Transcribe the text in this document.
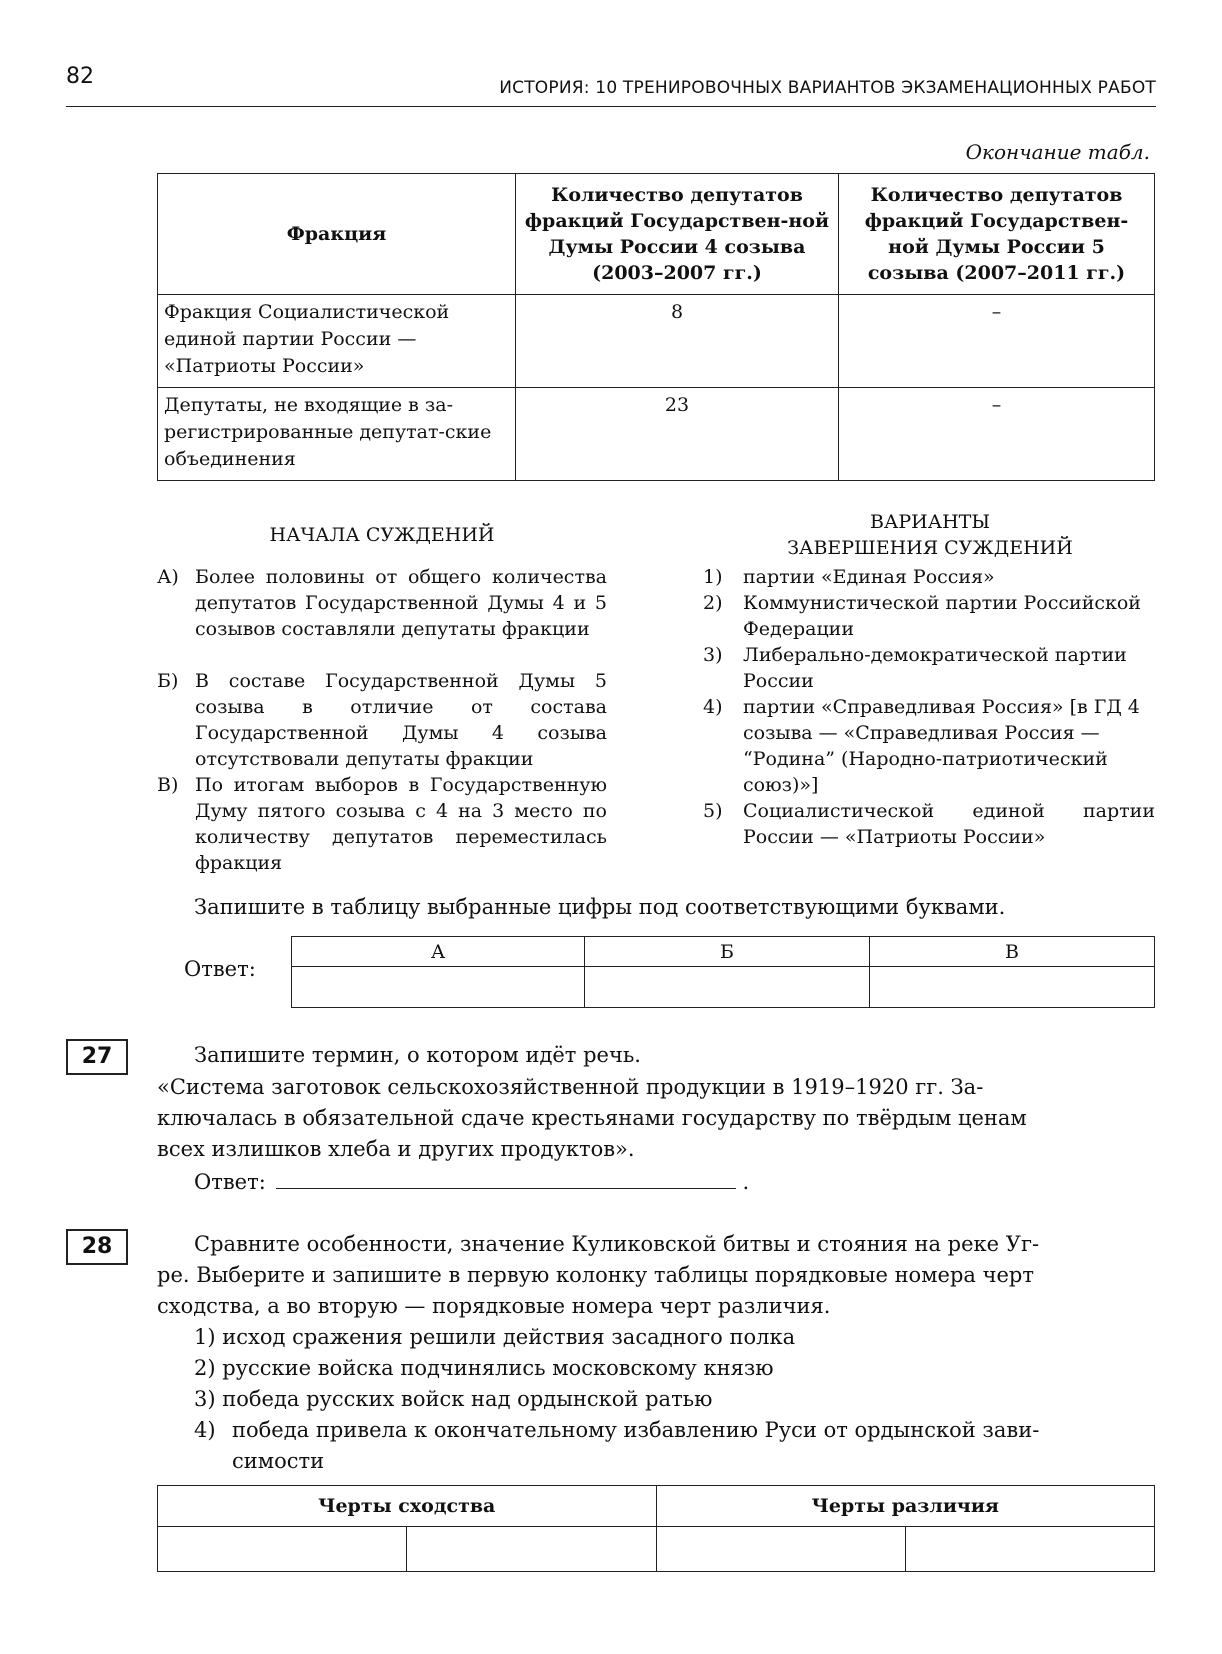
82	ИСТОРИЯ: 10 ТРЕНИРОВОЧНЫХ ВАРИАНТОВ ЭКЗАМЕНАЦИОННЫХ РАБОТ
Окончание табл.
Фракция	Количество депутатов фракций Государствен-ной Думы России 4 созыва (2003–2007 гг.)	Количество депутатов фракций Государствен-ной Думы России 5 созыва (2007–2011 гг.)
Фракция Социалистической единой партии России — «Патриоты России»	8	–
Депутаты, не входящие в за-регистрированные депутат-ские объединения	23	–
НАЧАЛА СУЖДЕНИЙ
ВАРИАНТЫ
ЗАВЕРШЕНИЯ СУЖДЕНИЙ
А) Более половины от общего количества депутатов Государственной Думы 4 и 5 созывов составляли депутаты фракции
Б) В составе Государственной Думы 5 созыва в отличие от состава Государственной Думы 4 созыва отсутствовали депутаты фракции
В) По итогам выборов в Государственную Думу пятого созыва с 4 на 3 место по количеству депутатов переместилась фракция
1) партии «Единая Россия»
2) Коммунистической партии Российской Федерации
3) Либерально-демократической партии России
4) партии «Справедливая Россия» [в ГД 4 созыва — «Справедливая Россия — “Родина” (Народно-патриотический союз)»]
5) Социалистической единой партии России — «Патриоты России»
Запишите в таблицу выбранные цифры под соответствующими буквами.
Ответ:
А	Б	В

27	Запишите термин, о котором идёт речь.
«Система заготовок сельскохозяйственной продукции в 1919–1920 гг. За-
ключалась в обязательной сдаче крестьянами государству по твёрдым ценам
всех излишков хлеба и других продуктов».
Ответ:	.
28	Сравните особенности, значение Куликовской битвы и стояния на реке Уг-
ре. Выберите и запишите в первую колонку таблицы порядковые номера черт
сходства, а во вторую — порядковые номера черт различия.
1) исход сражения решили действия засадного полка
2) русские войска подчинялись московскому князю
3) победа русских войск над ордынской ратью
4) победа привела к окончательному избавлению Руси от ордынской зави-
симости
Черты сходства		Черты различия	
